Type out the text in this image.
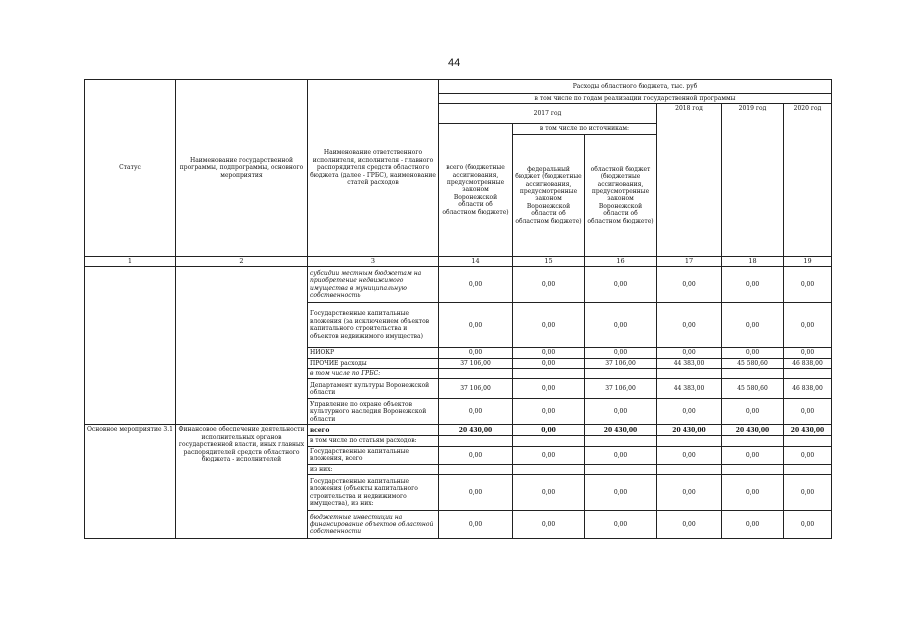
44
Статус	Наименование государственной программы, подпрограммы, основного мероприятия	Наименование ответственного исполнителя, исполнителя - главного распорядителя средств областного бюджета (далее - ГРБС), наименование статей расходов	Расходы областного бюджета, тыс. руб					
			в том числе по годам реализации государственной программы					
			2017 год			2018 год	2019 год	2020 год
			всего (бюджетные ассигнования, предусмотренные законом Воронежской области об областном бюджете)	в том числе по источникам:				
				федеральный бюджет (бюджетные ассигнования, предусмотренные законом Воронежской области об областном бюджете)	областной бюджет (бюджетные ассигнования, предусмотренные законом Воронежской области об областном бюджете)			
1	2	3	14	15	16	17	18	19
		субсидии местным бюджетам на приобретение недвижимого имущества в муниципальную собственность	0,00	0,00	0,00	0,00	0,00	0,00
		Государственные капитальные вложения (за исключением объектов капитального строительства и объектов недвижимого имущества)	0,00	0,00	0,00	0,00	0,00	0,00
		НИОКР	0,00	0,00	0,00	0,00	0,00	0,00
		ПРОЧИЕ расходы	37 106,00	0,00	37 106,00	44 383,00	45 580,60	46 838,00
		в том числе по ГРБС:						
		Департамент культуры Воронежской области	37 106,00	0,00	37 106,00	44 383,00	45 580,60	46 838,00
		Управление по охране объектов культурного наследия Воронежской области	0,00	0,00	0,00	0,00	0,00	0,00
Основное мероприятие 3.1	Финансовое обеспечение деятельности исполнительных органов государственной власти, иных главных распорядителей средств областного бюджета - исполнителей	всего	20 430,00	0,00	20 430,00	20 430,00	20 430,00	20 430,00
		в том числе по статьям расходов:						
		Государственные капитальные вложения, всего	0,00	0,00	0,00	0,00	0,00	0,00
		из них:						
		Государственные капитальные вложения (объекты капитального строительства и недвижимого имущества), из них:	0,00	0,00	0,00	0,00	0,00	0,00
		бюджетные инвестиции на финансирование объектов областной собственности	0,00	0,00	0,00	0,00	0,00	0,00
